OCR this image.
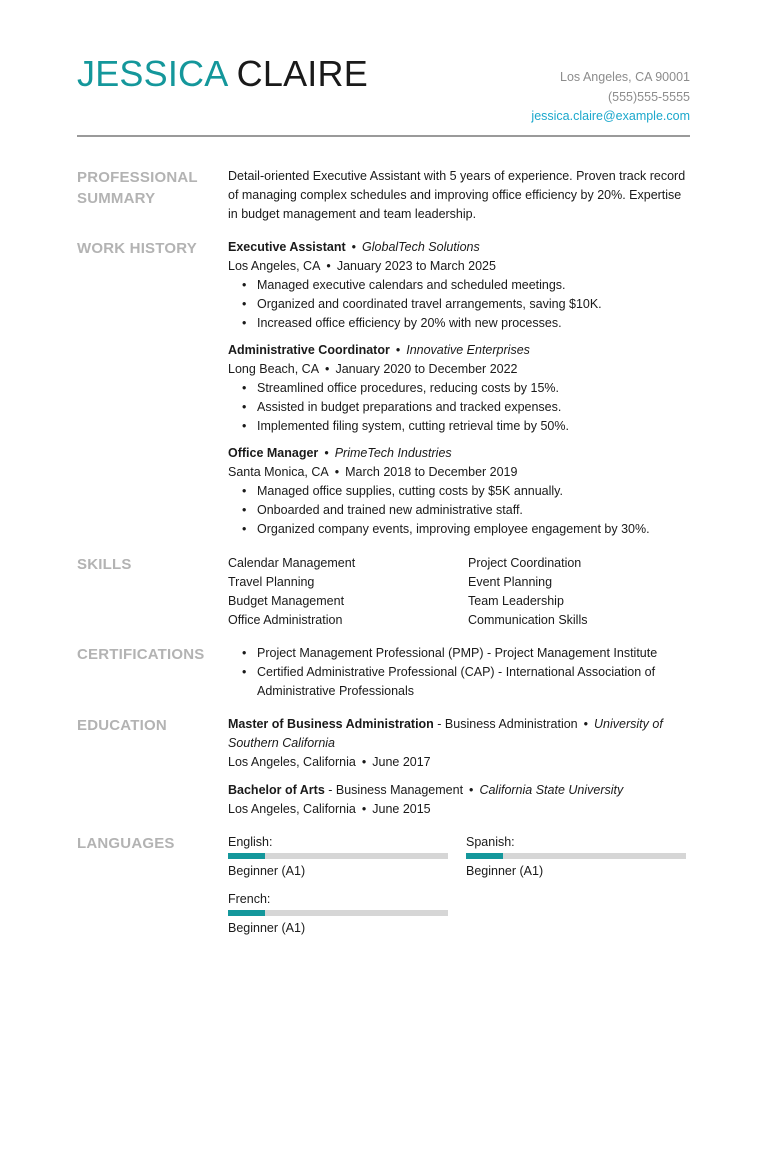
JESSICA CLAIRE	Los Angeles, CA 90001
(555)555-5555
jessica.claire@example.com
PROFESSIONAL
SUMMARY
Detail-oriented Executive Assistant with 5 years of experience. Proven track record of managing complex schedules and improving office efficiency by 20%. Expertise in budget management and team leadership.
WORK HISTORY	Executive Assistant • GlobalTech Solutions
Los Angeles, CA • January 2023 to March 2025
• Managed executive calendars and scheduled meetings.
• Organized and coordinated travel arrangements, saving $10K.
• Increased office efficiency by 20% with new processes.
Administrative Coordinator • Innovative Enterprises
Long Beach, CA • January 2020 to December 2022
• Streamlined office procedures, reducing costs by 15%.
• Assisted in budget preparations and tracked expenses.
• Implemented filing system, cutting retrieval time by 50%.
Office Manager • PrimeTech Industries
Santa Monica, CA • March 2018 to December 2019
• Managed office supplies, cutting costs by $5K annually.
• Onboarded and trained new administrative staff.
• Organized company events, improving employee engagement by 30%.
SKILLS	Calendar Management	Project Coordination
Travel Planning	Event Planning
Budget Management	Team Leadership
Office Administration	Communication Skills
CERTIFICATIONS
•	Project Management Professional (PMP) - Project Management Institute
• Certified Administrative Professional (CAP) - International Association of Administrative Professionals
EDUCATION	Master of Business Administration - Business Administration • University of Southern California
Los Angeles, California • June 2017
Bachelor of Arts - Business Management • California State University
Los Angeles, California • June 2015
LANGUAGES	English:
Beginner (A1)
Spanish:
Beginner (A1)
French:
Beginner (A1)
